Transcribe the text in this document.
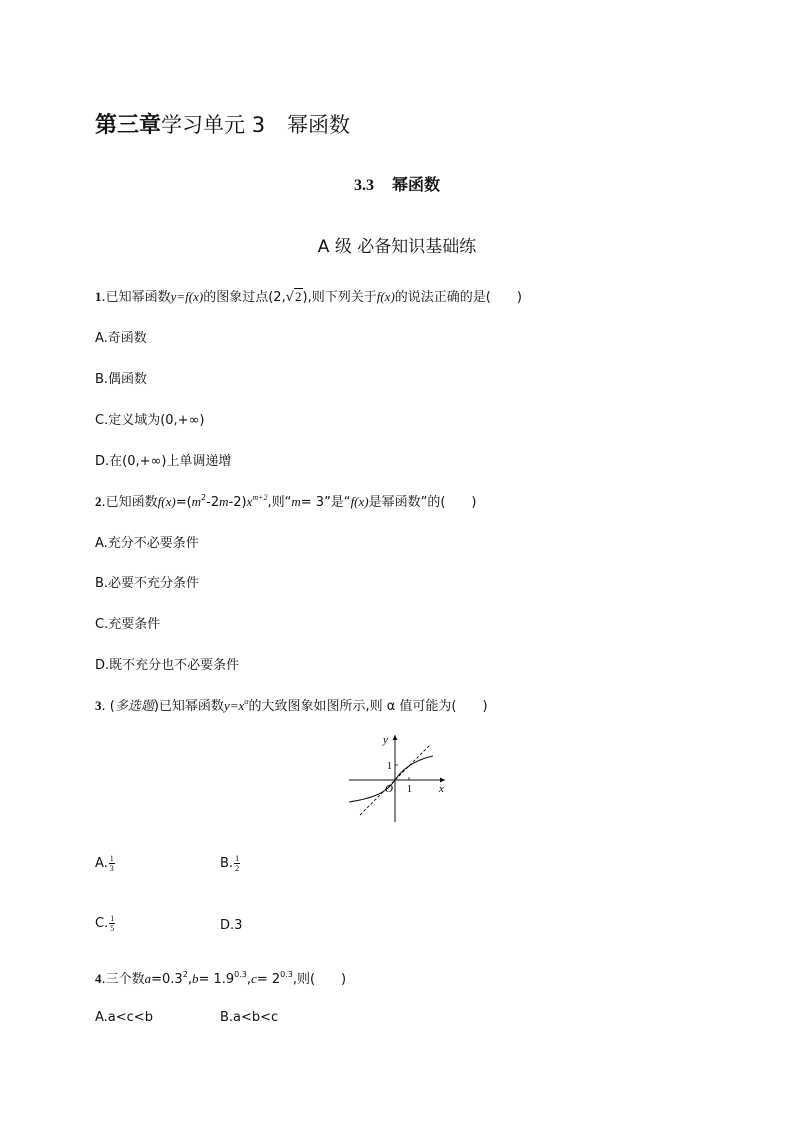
第三章学习单元 3 幂函数
3.3 幂函数
A 级 必备知识基础练
1.已知幂函数y=f(x)的图象过点(2,√2),则下列关于f(x)的说法正确的是(　　)
A.奇函数
B.偶函数
C.定义域为(0,+∞)
D.在(0,+∞)上单调递增
2.已知函数$f(x)=(m^2-2m-2)x^{m+2}$,则“m= 3”是“f(x)是幂函数”的(　　)
A.充分不必要条件
B.必要不充分条件
C.充要条件
D.既不充分也不必要条件
3. (多选题)已知幂函数$y=x^\alpha$的大致图象如图所示,则 α 值可能为(　　)
y
x
O 1
1
A. $\frac{1}{3}$	B. $\frac{1}{2}$
C. $\frac{1}{5}$	D.3
4.三个数$a=0.3^2,b= 1.9^{0.3},c= 2^{0.3}$,则(　　)
A.a<c<b	B.a<b<c
